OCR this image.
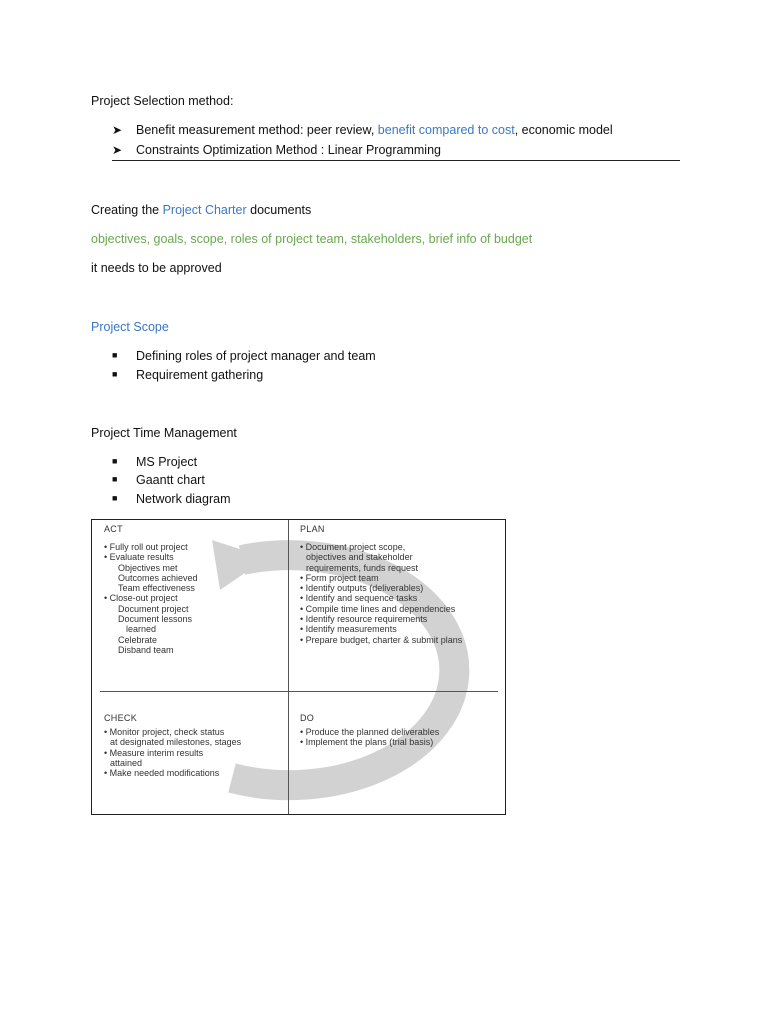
Project Selection method:
➤ Benefit measurement method: peer review, benefit compared to cost, economic model
➤ Constraints Optimization Method : Linear Programming
Creating the Project Charter documents
objectives, goals, scope, roles of project team, stakeholders, brief info of budget
it needs to be approved
Project Scope
■ Defining roles of project manager and team
■ Requirement gathering
Project Time Management
■ MS Project
■ Gaantt chart
■ Network diagram
ACT
• Fully roll out project
• Evaluate results
Objectives met
Outcomes achieved
Team effectiveness
• Close-out project
Document project
Document lessons
learned
Celebrate
Disband team
PLAN
• Document project scope,
objectives and stakeholder
requirements, funds request
• Form project team
• Identify outputs (deliverables)
• Identify and sequence tasks
• Compile time lines and dependencies
• Identify resource requirements
• Identify measurements
• Prepare budget, charter & submit plans
CHECK
• Monitor project, check status
at designated milestones, stages
• Measure interim results
attained
• Make needed modifications
DO
• Produce the planned deliverables
• Implement the plans (trial basis)
